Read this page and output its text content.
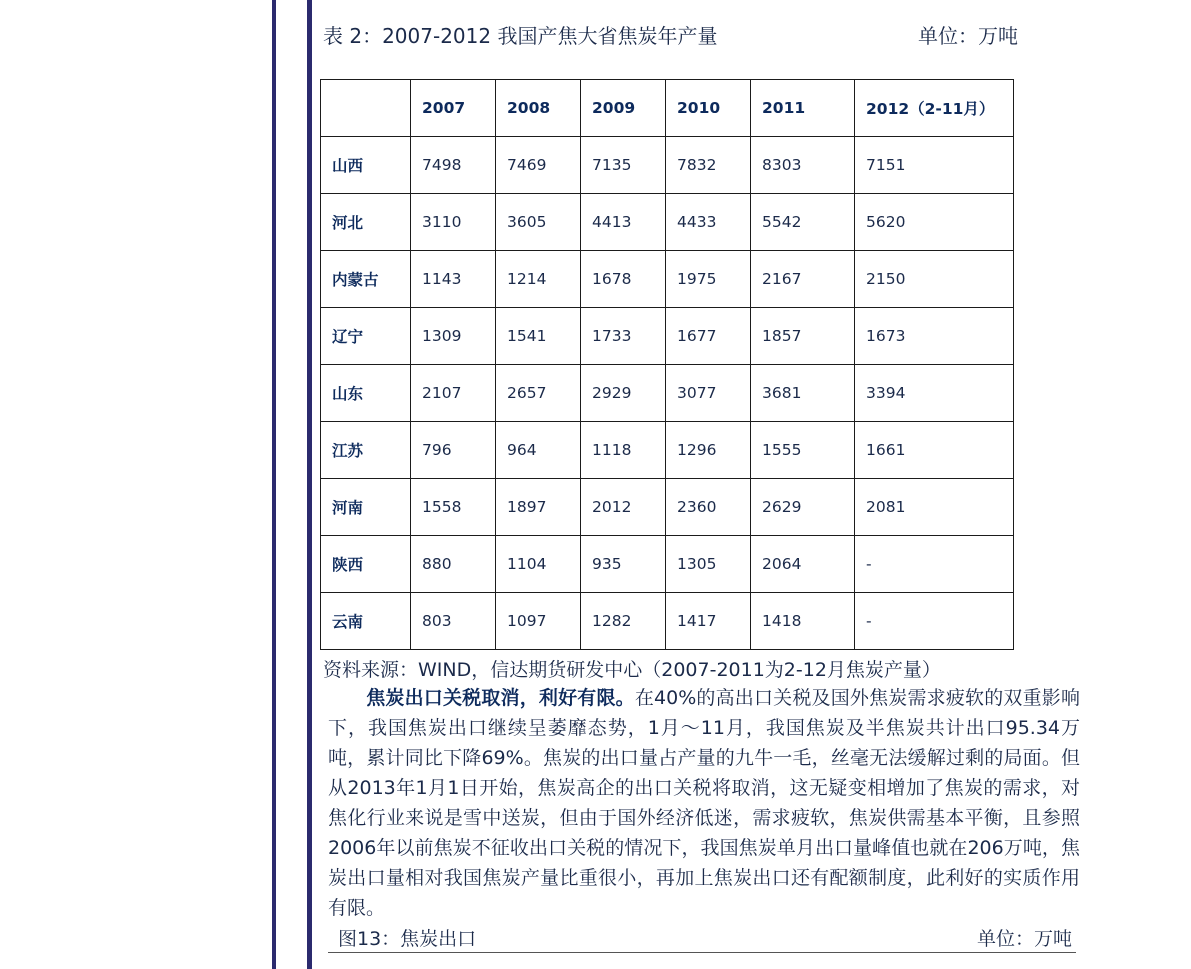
表 2：2007-2012 我国产焦大省焦炭年产量	单位：万吨
	2007	2008	2009	2010	2011	2012（2-11月）
山西	7498	7469	7135	7832	8303	7151
河北	3110	3605	4413	4433	5542	5620
内蒙古	1143	1214	1678	1975	2167	2150
辽宁	1309	1541	1733	1677	1857	1673
山东	2107	2657	2929	3077	3681	3394
江苏	796	964	1118	1296	1555	1661
河南	1558	1897	2012	2360	2629	2081
陕西	880	1104	935	1305	2064	-
云南	803	1097	1282	1417	1418	-
资料来源：WIND，信达期货研发中心（2007-2011为2-12月焦炭产量）
焦炭出口关税取消，利好有限。在40%的高出口关税及国外焦炭需求疲软的双重影响下，我国焦炭出口继续呈萎靡态势，1月～11月，我国焦炭及半焦炭共计出口95.34万吨，累计同比下降69%。焦炭的出口量占产量的九牛一毛，丝毫无法缓解过剩的局面。但从2013年1月1日开始，焦炭高企的出口关税将取消，这无疑变相增加了焦炭的需求，对焦化行业来说是雪中送炭，但由于国外经济低迷，需求疲软，焦炭供需基本平衡，且参照2006年以前焦炭不征收出口关税的情况下，我国焦炭单月出口量峰值也就在206万吨，焦炭出口量相对我国焦炭产量比重很小，再加上焦炭出口还有配额制度，此利好的实质作用有限。
图13：焦炭出口	单位：万吨
